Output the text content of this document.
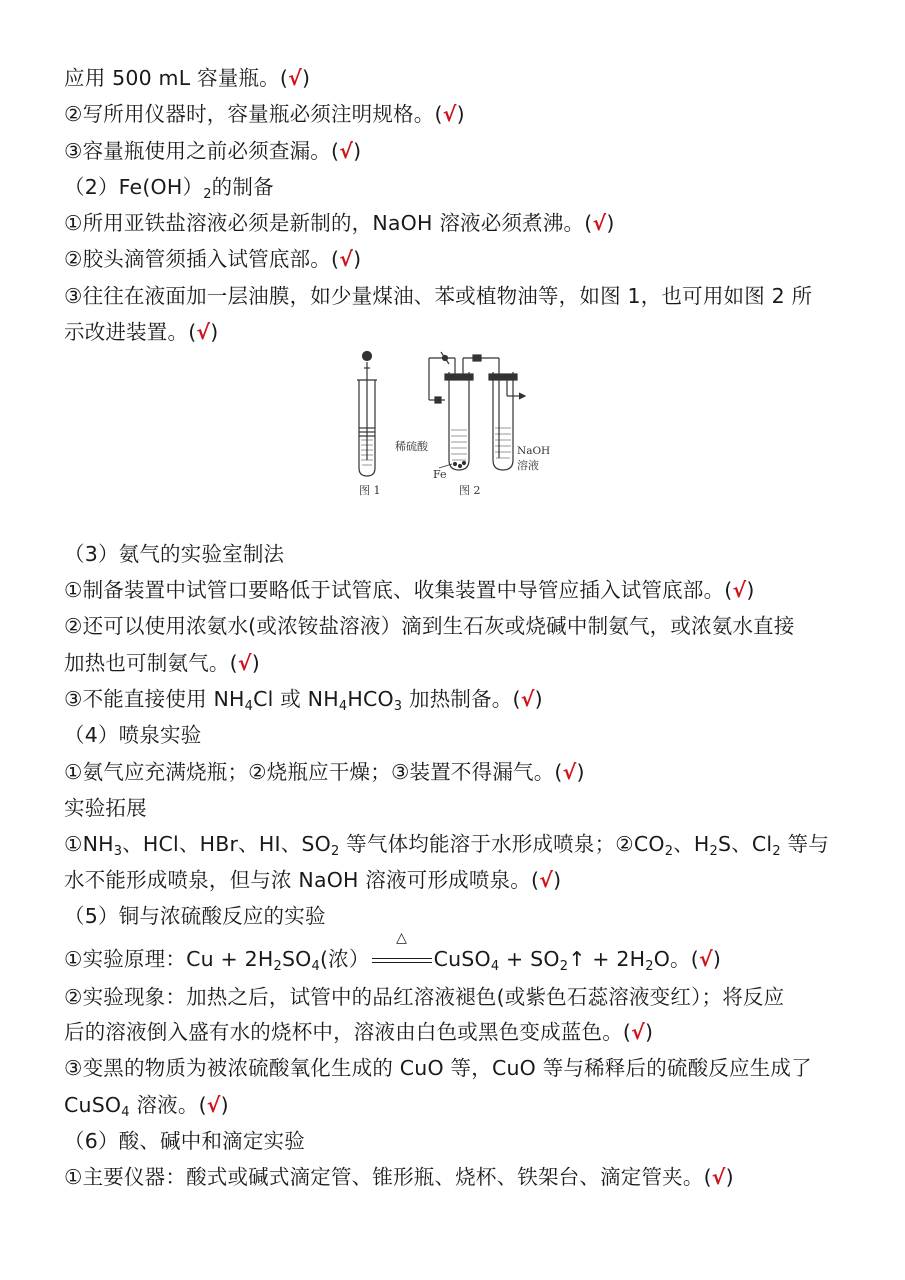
应用 500 mL 容量瓶。(√)
②写所用仪器时，容量瓶必须注明规格。(√)
③容量瓶使用之前必须查漏。(√)
（2）Fe(OH）2的制备
①所用亚铁盐溶液必须是新制的，NaOH 溶液必须煮沸。(√)
②胶头滴管须插入试管底部。(√)
③往往在液面加一层油膜，如少量煤油、苯或植物油等，如图 1，也可用如图 2 所
示改进装置。(√)
稀硫酸
Fe
NaOH
溶液
图 1	图 2
（3）氨气的实验室制法
①制备装置中试管口要略低于试管底、收集装置中导管应插入试管底部。(√)
②还可以使用浓氨水(或浓铵盐溶液）滴到生石灰或烧碱中制氨气，或浓氨水直接
加热也可制氨气。(√)
③不能直接使用 NH4Cl 或 NH4HCO3 加热制备。(√)
（4）喷泉实验
①氨气应充满烧瓶；②烧瓶应干燥；③装置不得漏气。(√)
实验拓展
①NH3、HCl、HBr、HI、SO2 等气体均能溶于水形成喷泉；②CO2、H2S、Cl2 等与
水不能形成喷泉，但与浓 NaOH 溶液可形成喷泉。(√)
（5）铜与浓硫酸反应的实验
①实验原理：Cu + 2H2SO4(浓）
△
CuSO4 + SO2↑ + 2H2O。(√)
②实验现象：加热之后，试管中的品红溶液褪色(或紫色石蕊溶液变红）；将反应
后的溶液倒入盛有水的烧杯中，溶液由白色或黑色变成蓝色。(√)
③变黑的物质为被浓硫酸氧化生成的 CuO 等，CuO 等与稀释后的硫酸反应生成了
CuSO4 溶液。(√)
（6）酸、碱中和滴定实验
①主要仪器：酸式或碱式滴定管、锥形瓶、烧杯、铁架台、滴定管夹。(√)
